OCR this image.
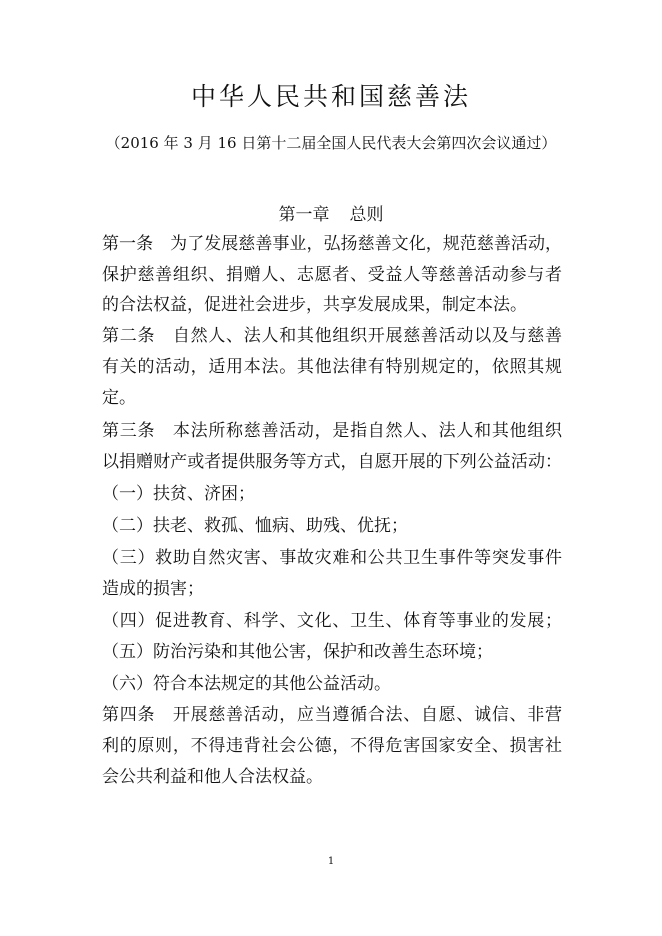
中华人民共和国慈善法
（2016 年 3 月 16 日第十二届全国人民代表大会第四次会议通过）
第一章 总则
第一条　为了发展慈善事业，弘扬慈善文化，规范慈善活动，
保护慈善组织、捐赠人、志愿者、受益人等慈善活动参与者
的合法权益，促进社会进步，共享发展成果，制定本法。
第二条　自然人、法人和其他组织开展慈善活动以及与慈善
有关的活动，适用本法。其他法律有特别规定的，依照其规
定。
第三条　本法所称慈善活动，是指自然人、法人和其他组织
以捐赠财产或者提供服务等方式，自愿开展的下列公益活动：
（一）扶贫、济困；
（二）扶老、救孤、恤病、助残、优抚；
（三）救助自然灾害、事故灾难和公共卫生事件等突发事件
造成的损害；
（四）促进教育、科学、文化、卫生、体育等事业的发展；
（五）防治污染和其他公害，保护和改善生态环境；
（六）符合本法规定的其他公益活动。
第四条　开展慈善活动，应当遵循合法、自愿、诚信、非营
利的原则，不得违背社会公德，不得危害国家安全、损害社
会公共利益和他人合法权益。
1
